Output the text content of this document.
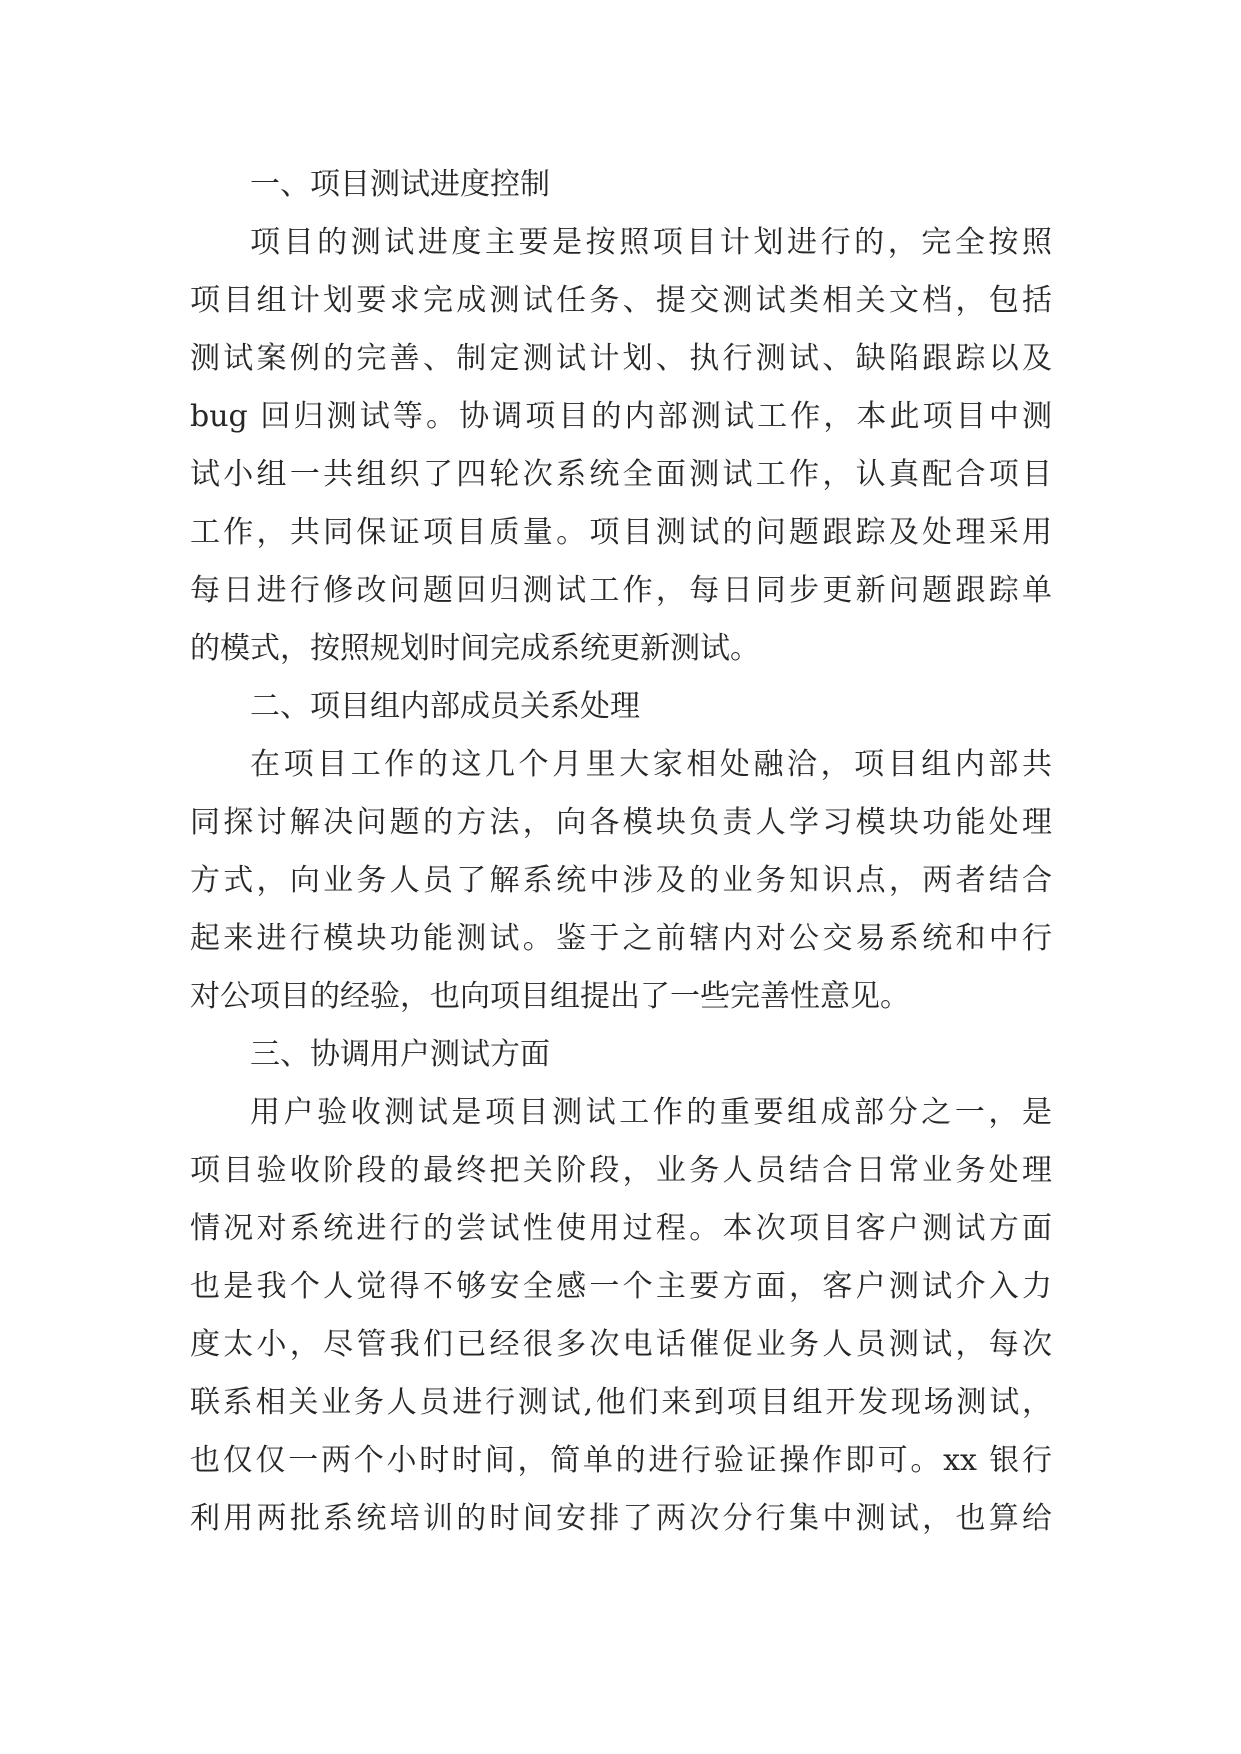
一、项目测试进度控制
项目的测试进度主要是按照项目计划进行的，完全按照
项目组计划要求完成测试任务、提交测试类相关文档，包括
测试案例的完善、制定测试计划、执行测试、缺陷跟踪以及
bug 回归测试等。协调项目的内部测试工作，本此项目中测
试小组一共组织了四轮次系统全面测试工作，认真配合项目
工作，共同保证项目质量。项目测试的问题跟踪及处理采用
每日进行修改问题回归测试工作，每日同步更新问题跟踪单
的模式，按照规划时间完成系统更新测试。
二、项目组内部成员关系处理
在项目工作的这几个月里大家相处融洽，项目组内部共
同探讨解决问题的方法，向各模块负责人学习模块功能处理
方式，向业务人员了解系统中涉及的业务知识点，两者结合
起来进行模块功能测试。鉴于之前辖内对公交易系统和中行
对公项目的经验，也向项目组提出了一些完善性意见。
三、协调用户测试方面
用户验收测试是项目测试工作的重要组成部分之一，是
项目验收阶段的最终把关阶段，业务人员结合日常业务处理
情况对系统进行的尝试性使用过程。本次项目客户测试方面
也是我个人觉得不够安全感一个主要方面，客户测试介入力
度太小，尽管我们已经很多次电话催促业务人员测试，每次
联系相关业务人员进行测试,他们来到项目组开发现场测试，
也仅仅一两个小时时间，简单的进行验证操作即可。xx 银行
利用两批系统培训的时间安排了两次分行集中测试，也算给
